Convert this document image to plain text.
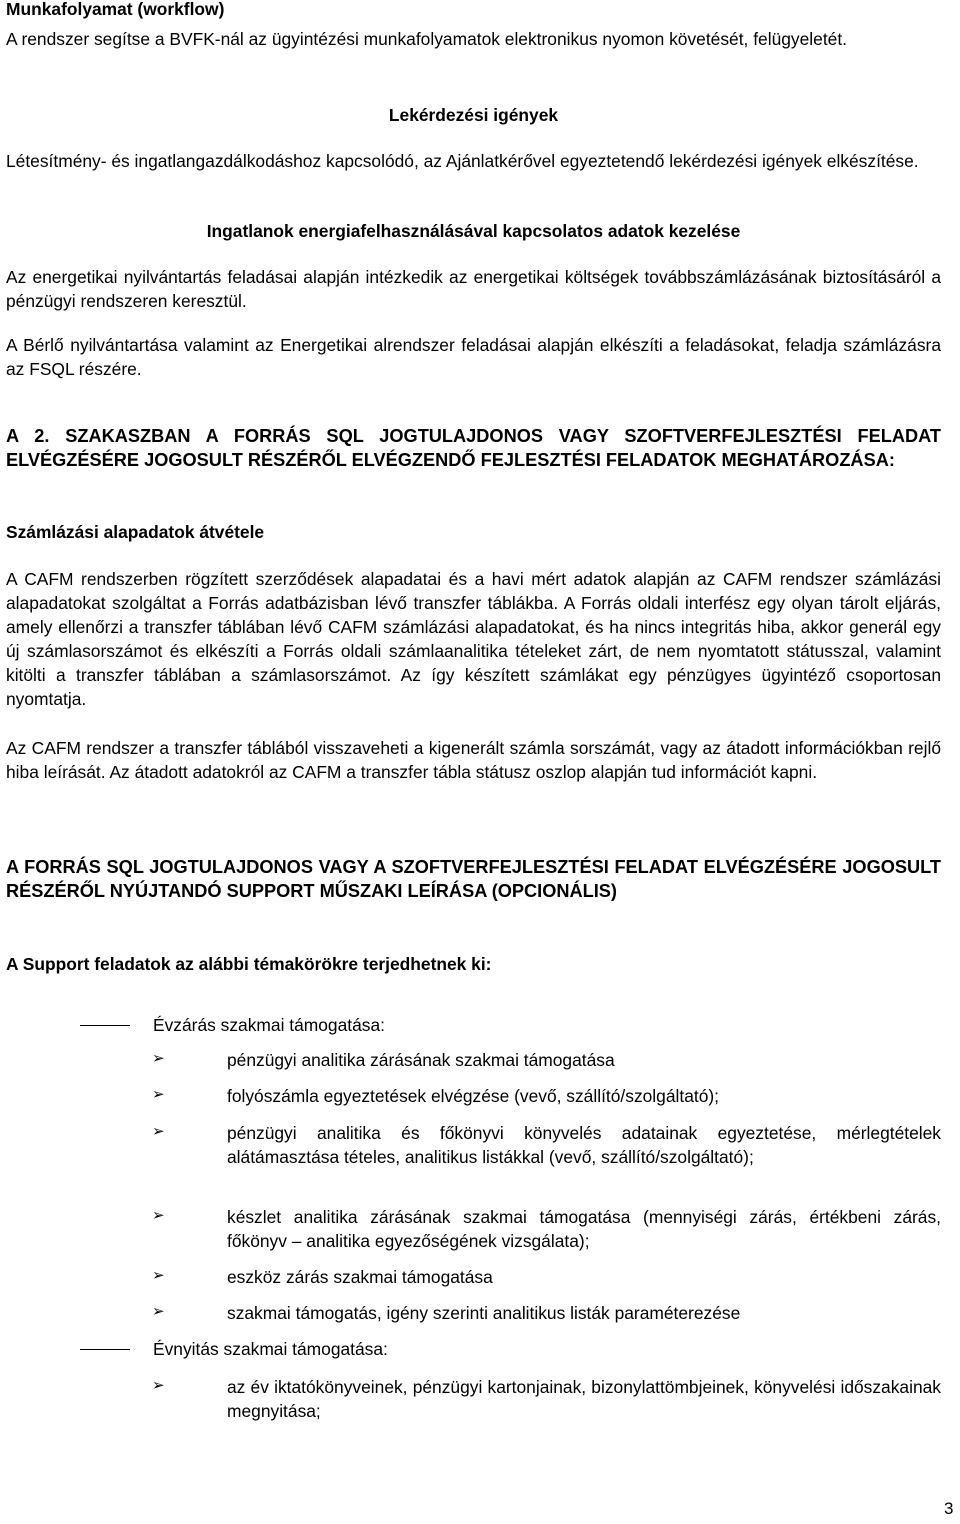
Munkafolyamat (workflow)

A rendszer segítse a BVFK-nál az ügyintézési munkafolyamatok elektronikus nyomon követését, felügyeletét.

Lekérdezési igények

Létesítmény- és ingatlangazdálkodáshoz kapcsolódó, az Ajánlatkérővel egyeztetendő lekérdezési igények elkészítése.

Ingatlanok energiafelhasználásával kapcsolatos adatok kezelése

Az energetikai nyilvántartás feladásai alapján intézkedik az energetikai költségek továbbszámlázásának biztosításáról a pénzügyi rendszeren keresztül.

A Bérlő nyilvántartása valamint az Energetikai alrendszer feladásai alapján elkészíti a feladásokat, feladja számlázásra az FSQL részére.

A 2. SZAKASZBAN A FORRÁS SQL JOGTULAJDONOS VAGY SZOFTVERFEJLESZTÉSI FELADAT ELVÉGZÉSÉRE JOGOSULT RÉSZÉRŐL ELVÉGZENDŐ FEJLESZTÉSI FELADATOK MEGHATÁROZÁSA:

Számlázási alapadatok átvétele

A CAFM rendszerben rögzített szerződések alapadatai és a havi mért adatok alapján az CAFM rendszer számlázási alapadatokat szolgáltat a Forrás adatbázisban lévő transzfer táblákba. A Forrás oldali interfész egy olyan tárolt eljárás, amely ellenőrzi a transzfer táblában lévő CAFM számlázási alapadatokat, és ha nincs integritás hiba, akkor generál egy új számlasorszámot és elkészíti a Forrás oldali számlaanalitika tételeket zárt, de nem nyomtatott státusszal, valamint kitölti a transzfer táblában a számlasorszámot. Az így készített számlákat egy pénzügyes ügyintéző csoportosan nyomtatja.

Az CAFM rendszer a transzfer táblából visszaveheti a kigenerált számla sorszámát, vagy az átadott információkban rejlő hiba leírását. Az átadott adatokról az CAFM a transzfer tábla státusz oszlop alapján tud információt kapni.

A FORRÁS SQL JOGTULAJDONOS VAGY A SZOFTVERFEJLESZTÉSI FELADAT ELVÉGZÉSÉRE JOGOSULT RÉSZÉRŐL NYÚJTANDÓ SUPPORT MŰSZAKI LEÍRÁSA (OPCIONÁLIS)

A Support feladatok az alábbi témakörökre terjedhetnek ki:

Évzárás szakmai támogatása:
➢	pénzügyi analitika zárásának szakmai támogatása
➢	folyószámla egyeztetések elvégzése (vevő, szállító/szolgáltató);
➢	pénzügyi analitika és főkönyvi könyvelés adatainak egyeztetése, mérlegtételek alátámasztása tételes, analitikus listákkal (vevő, szállító/szolgáltató);
➢	készlet analitika zárásának szakmai támogatása (mennyiségi zárás, értékbeni zárás, főkönyv – analitika egyezőségének vizsgálata);
➢	eszköz zárás szakmai támogatása
➢	szakmai támogatás, igény szerinti analitikus listák paraméterezése
Évnyitás szakmai támogatása:
➢	az év iktatókönyveinek, pénzügyi kartonjainak, bizonylattömbjeinek, könyvelési időszakainak megnyitása;
3
